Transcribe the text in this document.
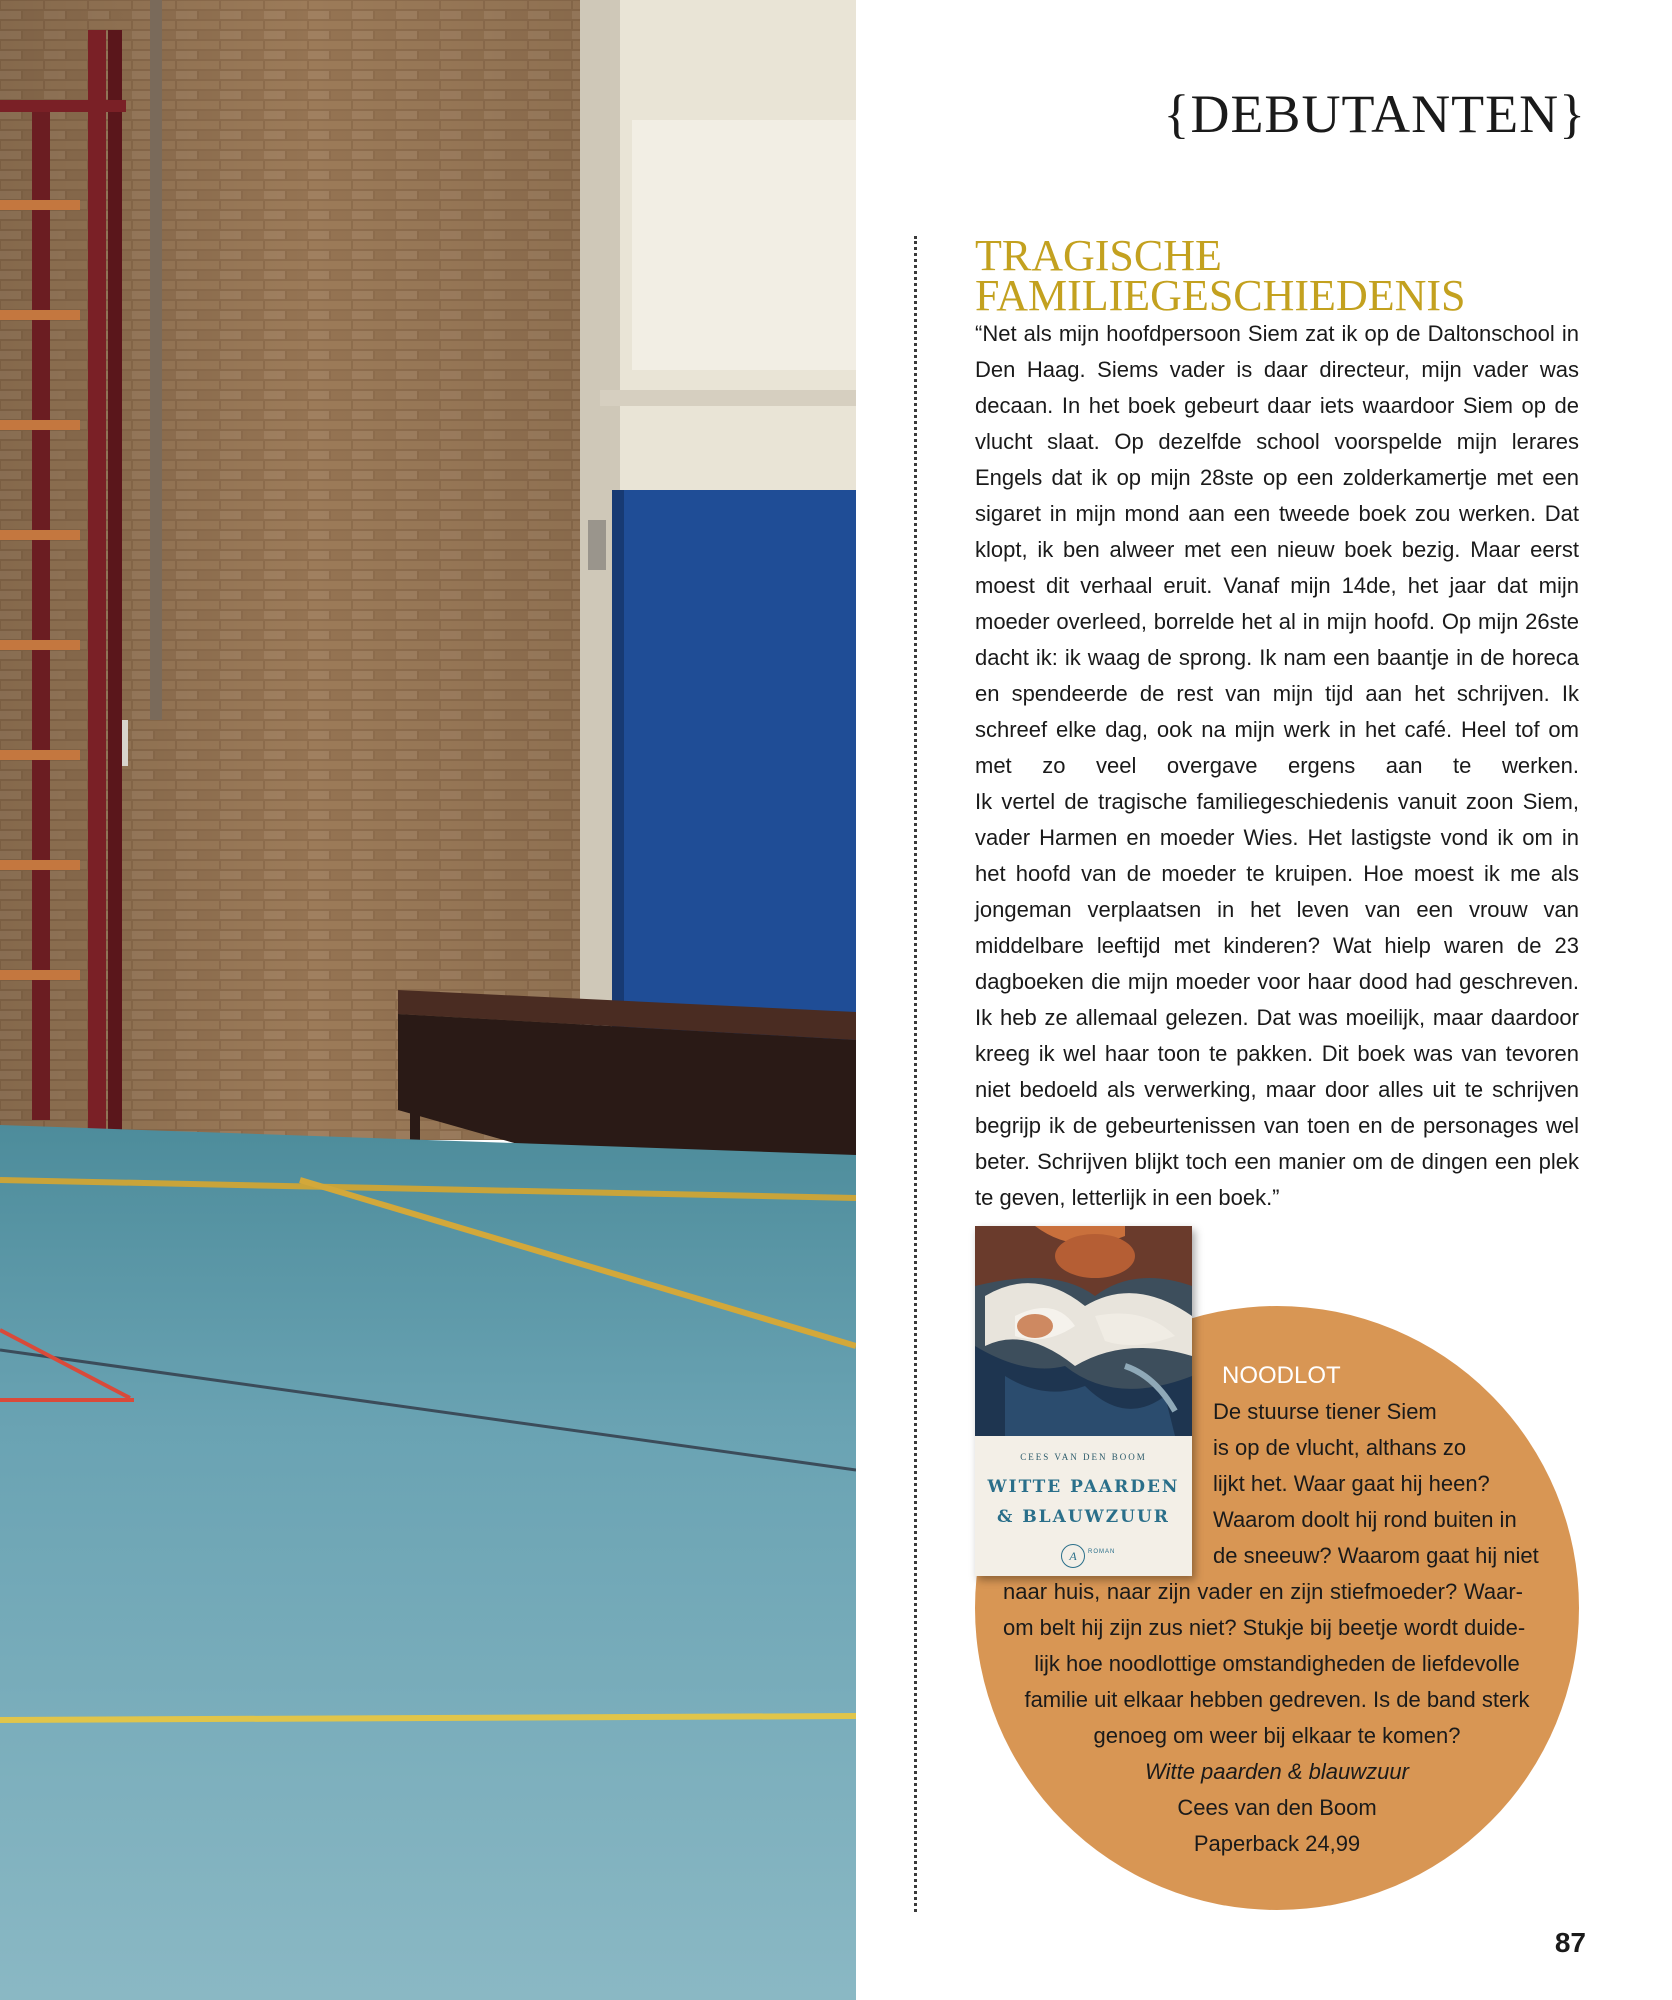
{DEBUTANTEN}
TRAGISCHE
FAMILIEGESCHIEDENIS

“Net als mijn hoofdpersoon Siem zat ik op de Daltonschool in Den Haag. Siems vader is daar directeur, mijn vader was decaan. In het boek gebeurt daar iets waardoor Siem op de vlucht slaat. Op dezelfde school voorspelde mijn lerares Engels dat ik op mijn 28ste op een zolderkamertje met een sigaret in mijn mond aan een tweede boek zou werken. Dat klopt, ik ben alweer met een nieuw boek bezig. Maar eerst moest dit verhaal eruit. Vanaf mijn 14de, het jaar dat mijn moeder overleed, borrelde het al in mijn hoofd. Op mijn 26ste dacht ik: ik waag de sprong. Ik nam een baantje in de horeca en spendeerde de rest van mijn tijd aan het schrijven. Ik schreef elke dag, ook na mijn werk in het café. Heel tof om met zo veel overgave ergens aan te werken.

Ik vertel de tragische familiegeschiedenis vanuit zoon Siem, vader Harmen en moeder Wies. Het lastigste vond ik om in het hoofd van de moeder te kruipen. Hoe moest ik me als jongeman verplaatsen in het leven van een vrouw van middelbare leeftijd met kinderen? Wat hielp waren de 23 dagboeken die mijn moeder voor haar dood had geschreven. Ik heb ze allemaal gelezen. Dat was moeilijk, maar daardoor kreeg ik wel haar toon te pakken. Dit boek was van tevoren niet bedoeld als verwerking, maar door alles uit te schrijven begrijp ik de gebeurtenissen van toen en de personages wel beter. Schrijven blijkt toch een manier om de dingen een plek te geven, letterlijk in een boek.”

CEES VAN DEN BOOM
WITTE PAARDEN
& BLAUWZUUR
A	ROMAN
NOODLOT
De stuurse tiener Siem
is op de vlucht, althans zo
lijkt het. Waar gaat hij heen?
Waarom doolt hij rond buiten in
de sneeuw? Waarom gaat hij niet
naar huis, naar zijn vader en zijn stiefmoeder? Waar-
om belt hij zijn zus niet? Stukje bij beetje wordt duide-
lijk hoe noodlottige omstandigheden de liefdevolle
familie uit elkaar hebben gedreven. Is de band sterk
genoeg om weer bij elkaar te komen?
Witte paarden & blauwzuur
Cees van den Boom
Paperback 24,99

87
